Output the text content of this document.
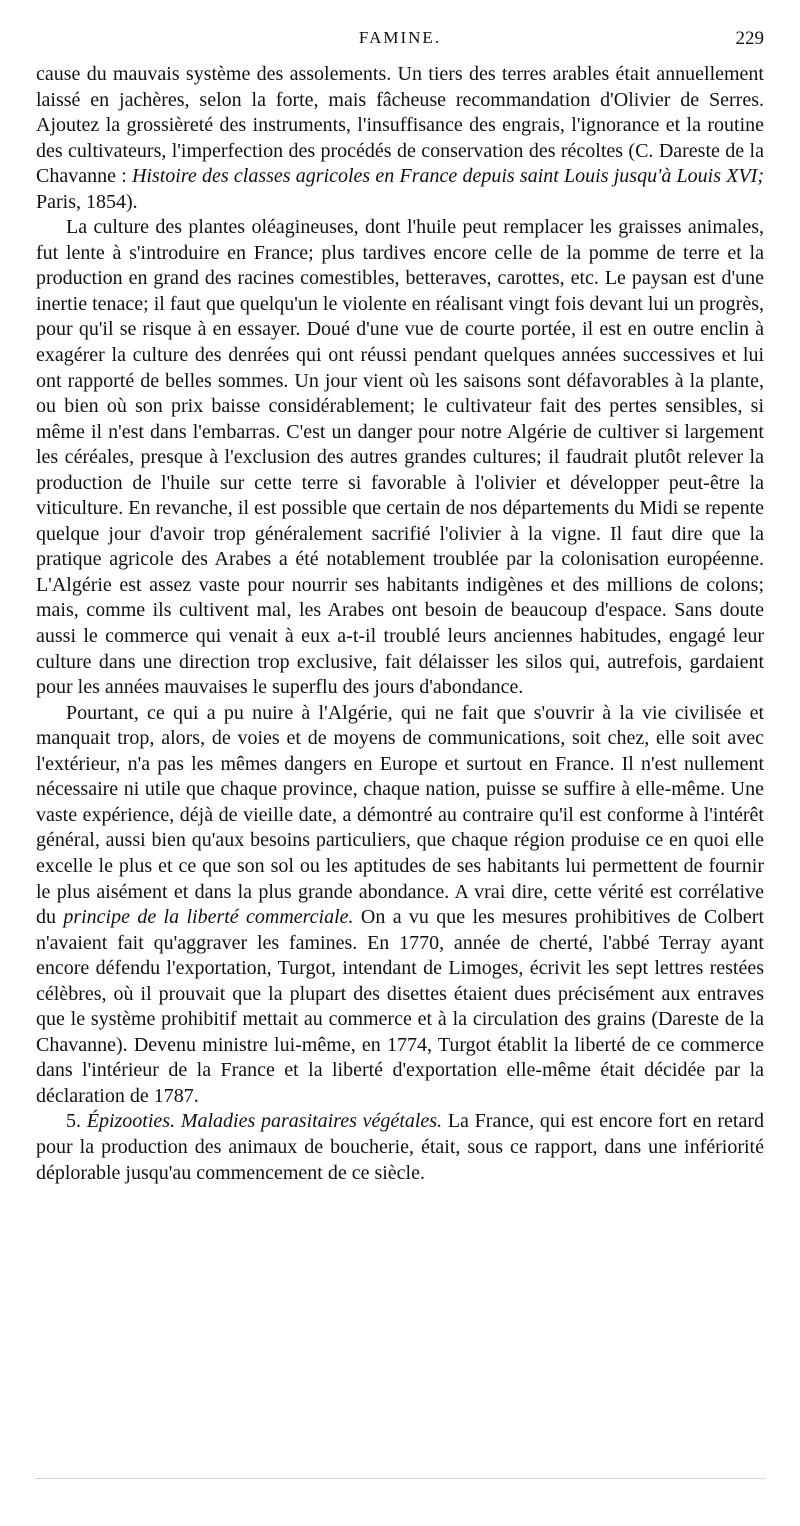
FAMINE.	229

cause du mauvais système des assolements. Un tiers des terres arables était annuellement laissé en jachères, selon la forte, mais fâcheuse recommandation d'Olivier de Serres. Ajoutez la grossièreté des instruments, l'insuffisance des engrais, l'ignorance et la routine des cultivateurs, l'imperfection des procédés de conservation des récoltes (C. Dareste de la Chavanne : Histoire des classes agricoles en France depuis saint Louis jusqu'à Louis XVI; Paris, 1854).

La culture des plantes oléagineuses, dont l'huile peut remplacer les graisses animales, fut lente à s'introduire en France; plus tardives encore celle de la pomme de terre et la production en grand des racines comestibles, betteraves, carottes, etc. Le paysan est d'une inertie tenace; il faut que quelqu'un le violente en réalisant vingt fois devant lui un progrès, pour qu'il se risque à en essayer. Doué d'une vue de courte portée, il est en outre enclin à exagérer la culture des denrées qui ont réussi pendant quelques années successives et lui ont rapporté de belles sommes. Un jour vient où les saisons sont défavorables à la plante, ou bien où son prix baisse considérablement; le cultivateur fait des pertes sensibles, si même il n'est dans l'embarras. C'est un danger pour notre Algérie de cultiver si largement les céréales, presque à l'exclusion des autres grandes cultures; il faudrait plutôt relever la production de l'huile sur cette terre si favorable à l'olivier et développer peut-être la viticulture. En revanche, il est possible que certain de nos départements du Midi se repente quelque jour d'avoir trop généralement sacrifié l'olivier à la vigne. Il faut dire que la pratique agricole des Arabes a été notablement troublée par la colonisation européenne. L'Algérie est assez vaste pour nourrir ses habitants indigènes et des millions de colons; mais, comme ils cultivent mal, les Arabes ont besoin de beaucoup d'espace. Sans doute aussi le commerce qui venait à eux a-t-il troublé leurs anciennes habitudes, engagé leur culture dans une direction trop exclusive, fait délaisser les silos qui, autrefois, gardaient pour les années mauvaises le superflu des jours d'abondance.

Pourtant, ce qui a pu nuire à l'Algérie, qui ne fait que s'ouvrir à la vie civilisée et manquait trop, alors, de voies et de moyens de communications, soit chez, elle soit avec l'extérieur, n'a pas les mêmes dangers en Europe et surtout en France. Il n'est nullement nécessaire ni utile que chaque province, chaque nation, puisse se suffire à elle-même. Une vaste expérience, déjà de vieille date, a démontré au contraire qu'il est conforme à l'intérêt général, aussi bien qu'aux besoins particuliers, que chaque région produise ce en quoi elle excelle le plus et ce que son sol ou les aptitudes de ses habitants lui permettent de fournir le plus aisément et dans la plus grande abondance. A vrai dire, cette vérité est corrélative du principe de la liberté commerciale. On a vu que les mesures prohibitives de Colbert n'avaient fait qu'aggraver les famines. En 1770, année de cherté, l'abbé Terray ayant encore défendu l'exportation, Turgot, intendant de Limoges, écrivit les sept lettres restées célèbres, où il prouvait que la plupart des disettes étaient dues précisément aux entraves que le système prohibitif mettait au commerce et à la circulation des grains (Dareste de la Chavanne). Devenu ministre lui-même, en 1774, Turgot établit la liberté de ce commerce dans l'intérieur de la France et la liberté d'exportation elle-même était décidée par la déclaration de 1787.

5. Épizooties. Maladies parasitaires végétales. La France, qui est encore fort en retard pour la production des animaux de boucherie, était, sous ce rapport, dans une infériorité déplorable jusqu'au commencement de ce siècle.
